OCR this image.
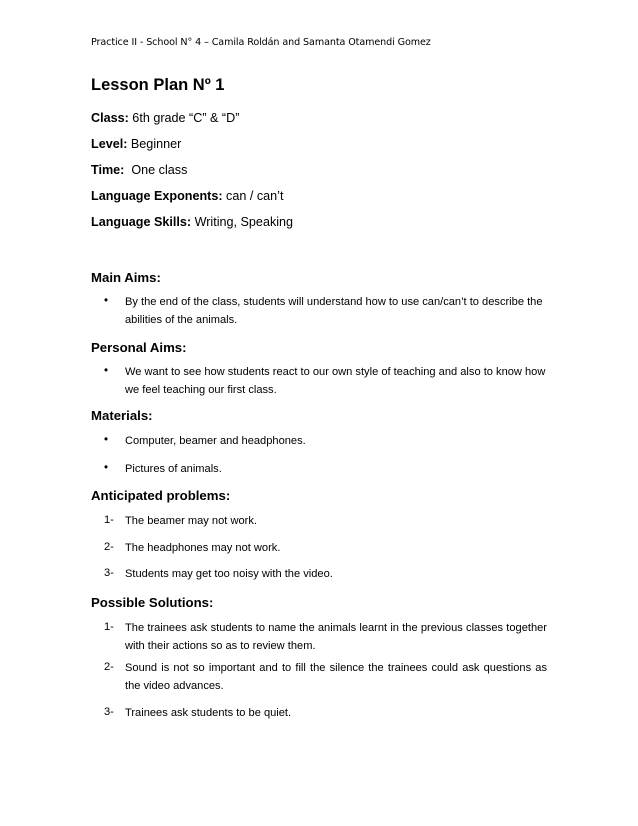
Practice II - School N° 4 – Camila Roldán and Samanta Otamendi Gomez
Lesson Plan Nº 1
Class: 6th grade “C” & “D”
Level: Beginner
Time:  One class
Language Exponents: can / can’t
Language Skills: Writing, Speaking
Main Aims:
• By the end of the class, students will understand how to use can/can’t to describe the abilities of the animals.
Personal Aims:
• We want to see how students react to our own style of teaching and also to know how we feel teaching our first class.
Materials:
• Computer, beamer and headphones.
• Pictures of animals.
Anticipated problems:
1- The beamer may not work.
2- The headphones may not work.
3- Students may get too noisy with the video.
Possible Solutions:
1- The trainees ask students to name the animals learnt in the previous classes together with their actions so as to review them.
2- Sound is not so important and to fill the silence the trainees could ask questions as the video advances.
3- Trainees ask students to be quiet.
